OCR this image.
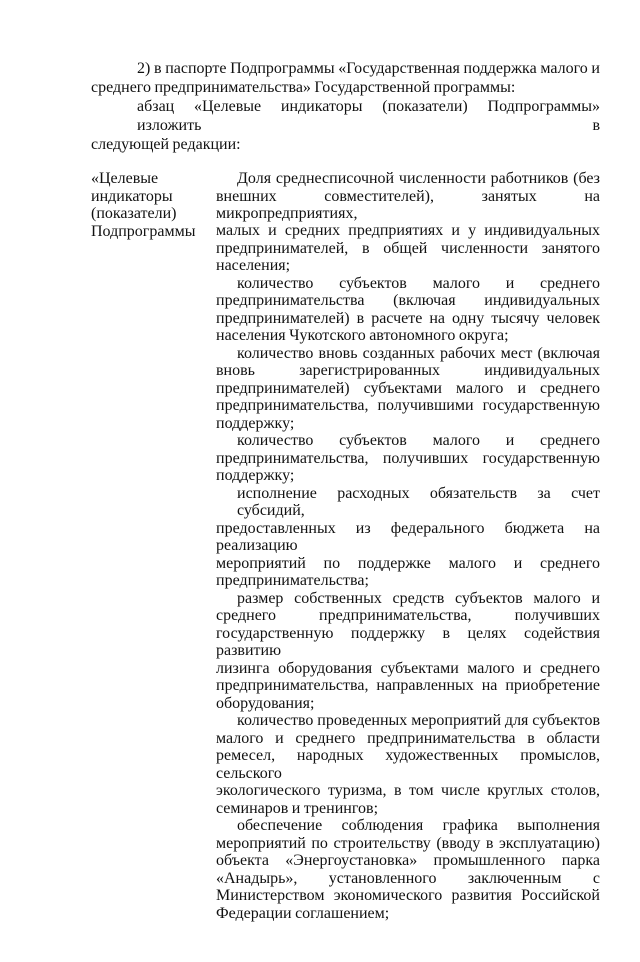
2) в паспорте Подпрограммы «Государственная поддержка малого и
среднего предпринимательства» Государственной программы:
абзац «Целевые индикаторы (показатели) Подпрограммы» изложить в
следующей редакции:
«Целевые
индикаторы
(показатели)
Подпрограммы
Доля среднесписочной численности работников (без
внешних совместителей), занятых на микропредприятиях,
малых и средних предприятиях и у индивидуальных
предпринимателей, в общей численности занятого
населения;
количество субъектов малого и среднего
предпринимательства (включая индивидуальных
предпринимателей) в расчете на одну тысячу человек
населения Чукотского автономного округа;
количество вновь созданных рабочих мест (включая
вновь зарегистрированных индивидуальных
предпринимателей) субъектами малого и среднего
предпринимательства, получившими государственную
поддержку;
количество субъектов малого и среднего
предпринимательства, получивших государственную
поддержку;
исполнение расходных обязательств за счет субсидий,
предоставленных из федерального бюджета на реализацию
мероприятий по поддержке малого и среднего
предпринимательства;
размер собственных средств субъектов малого и
среднего предпринимательства, получивших
государственную поддержку в целях содействия развитию
лизинга оборудования субъектами малого и среднего
предпринимательства, направленных на приобретение
оборудования;
количество проведенных мероприятий для субъектов
малого и среднего предпринимательства в области
ремесел, народных художественных промыслов, сельского
экологического туризма, в том числе круглых столов,
семинаров и тренингов;
обеспечение соблюдения графика выполнения
мероприятий по строительству (вводу в эксплуатацию)
объекта «Энергоустановка» промышленного парка
«Анадырь», установленного заключенным с
Министерством экономического развития Российской
Федерации соглашением;
